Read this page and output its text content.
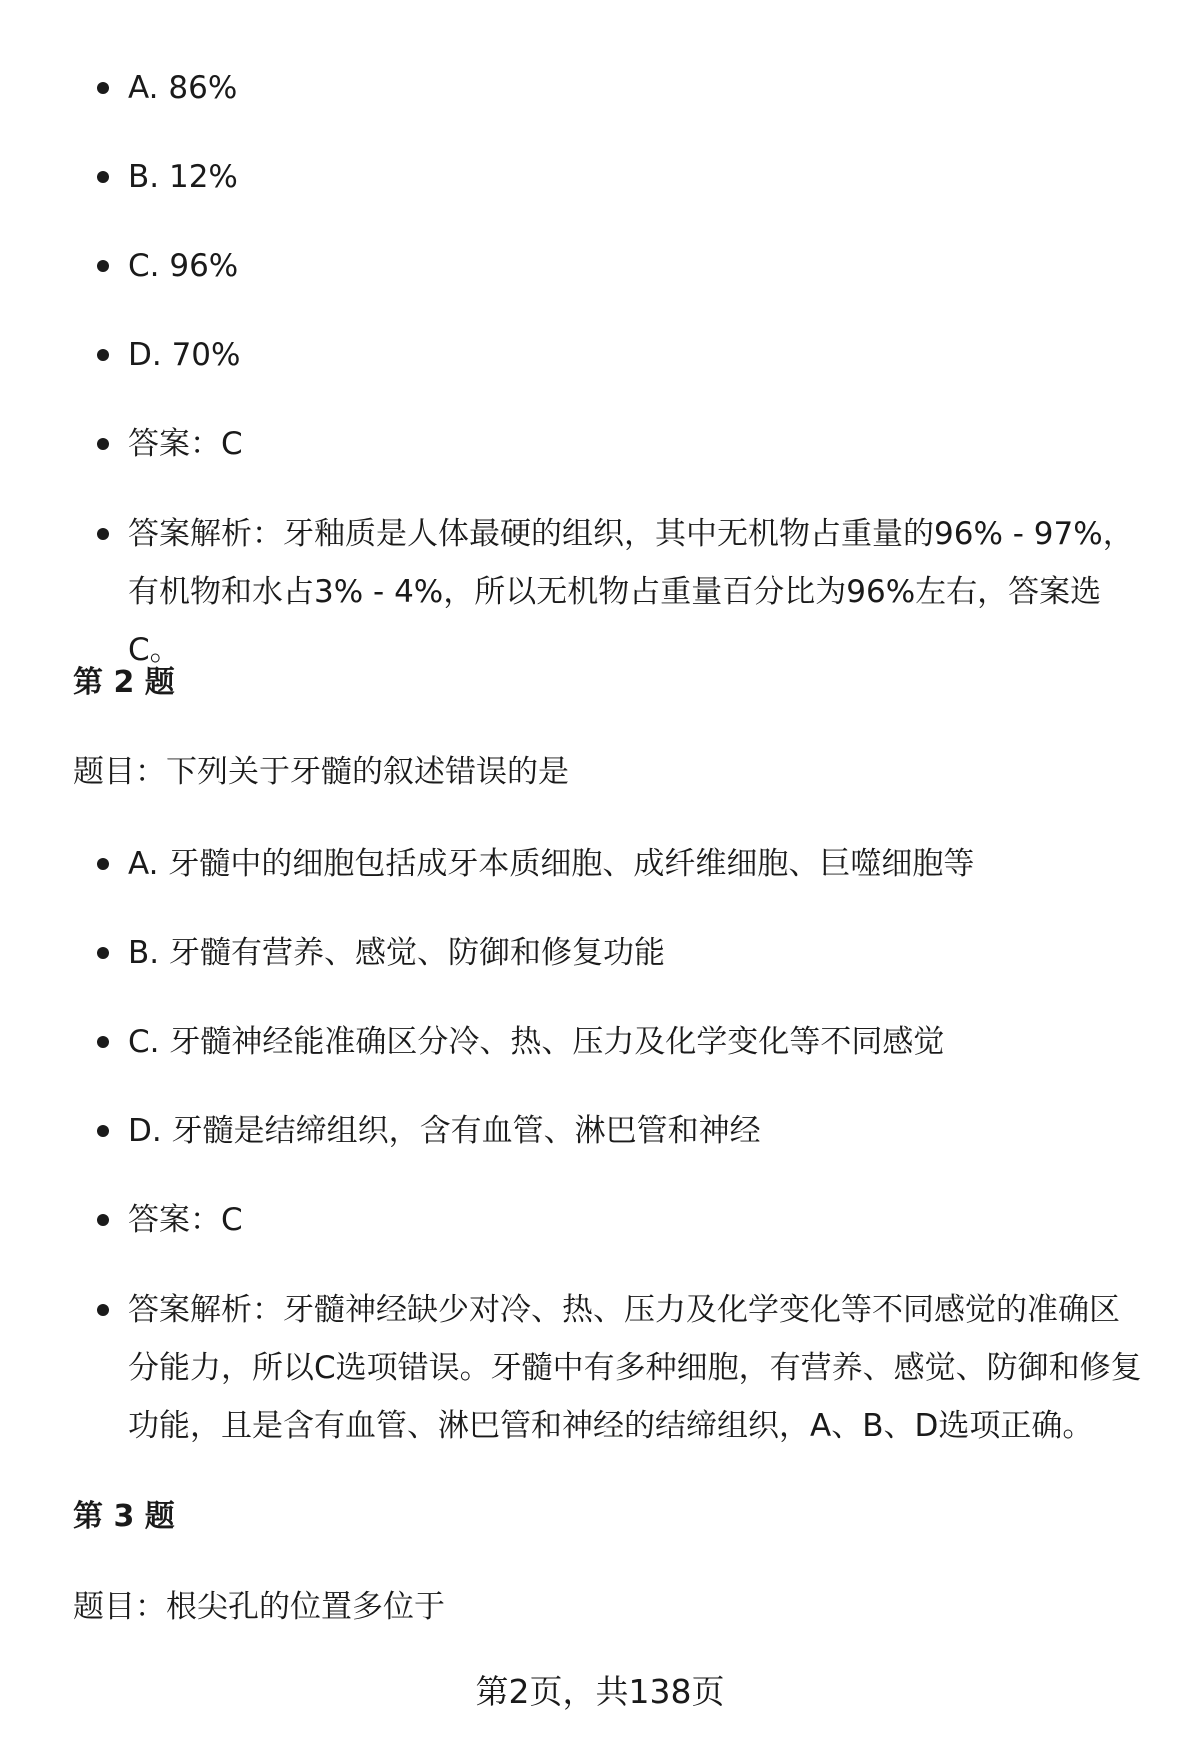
A. 86%

B. 12%

C. 96%

D. 70%

答案：C

答案解析：牙釉质是人体最硬的组织，其中无机物占重量的96% - 97%，有机物和水占3% - 4%，所以无机物占重量百分比为96%左右，答案选C。

第 2 题

题目：下列关于牙髓的叙述错误的是

A. 牙髓中的细胞包括成牙本质细胞、成纤维细胞、巨噬细胞等

B. 牙髓有营养、感觉、防御和修复功能

C. 牙髓神经能准确区分冷、热、压力及化学变化等不同感觉

D. 牙髓是结缔组织，含有血管、淋巴管和神经

答案：C

答案解析：牙髓神经缺少对冷、热、压力及化学变化等不同感觉的准确区分能力，所以C选项错误。牙髓中有多种细胞，有营养、感觉、防御和修复功能，且是含有血管、淋巴管和神经的结缔组织，A、B、D选项正确。

第 3 题

题目：根尖孔的位置多位于

第2页，共138页
